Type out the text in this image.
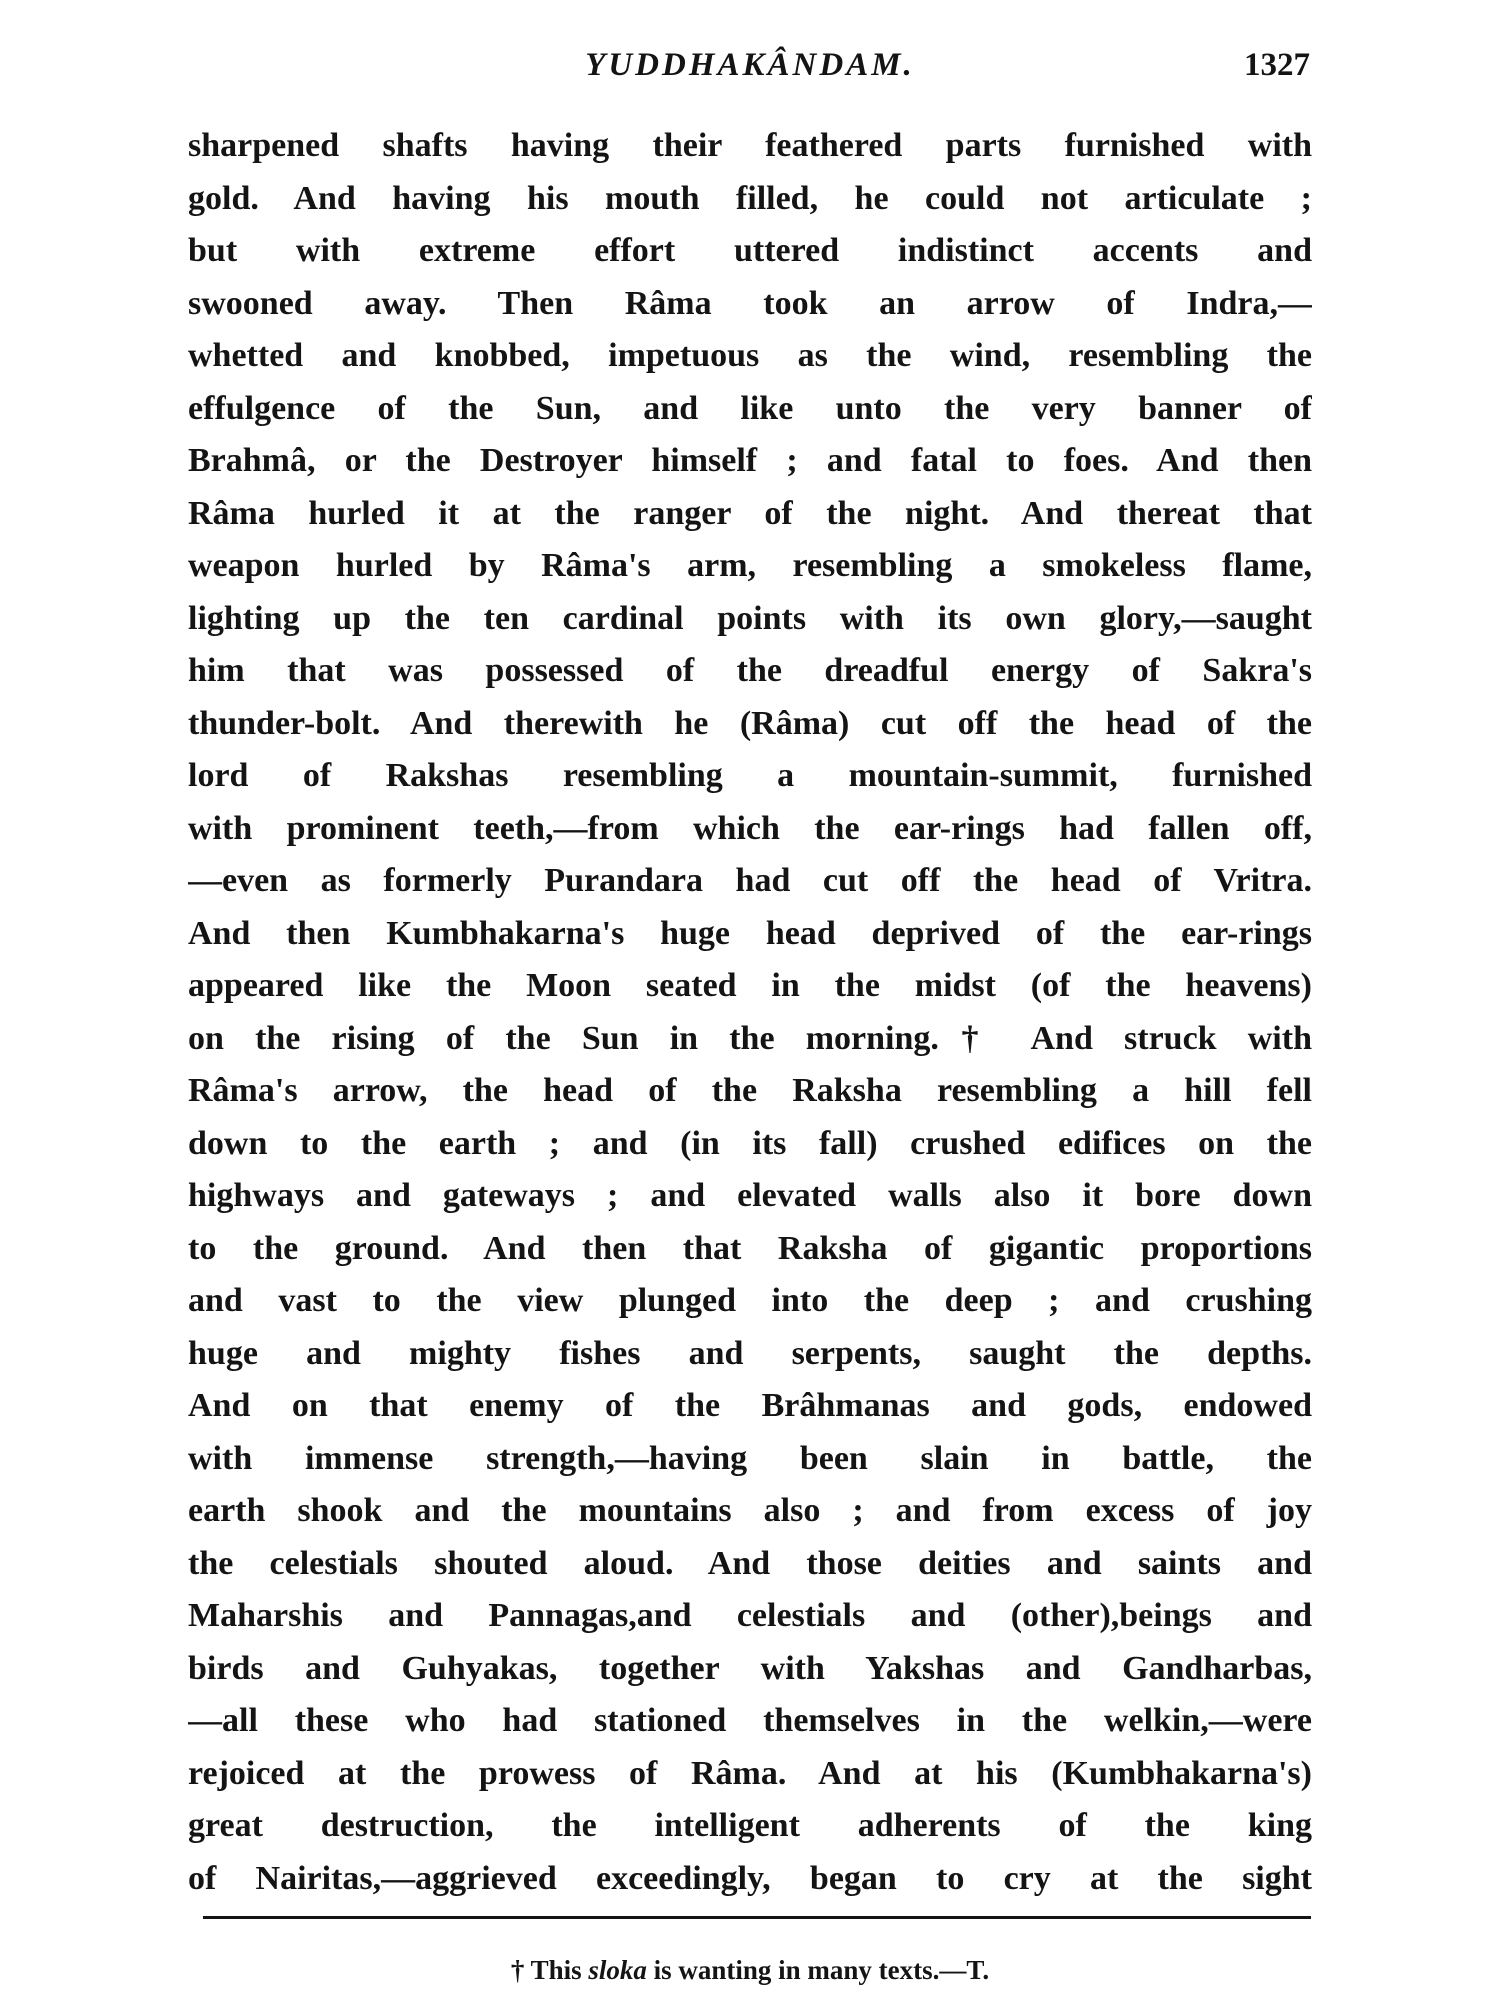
YUDDHAKÂNDAM.	1327
sharpened shafts having their feathered parts furnished with
gold. And having his mouth filled, he could not articulate ;
but with extreme effort uttered indistinct accents and
swooned away. Then Râma took an arrow of Indra,—
whetted and knobbed, impetuous as the wind, resembling the
effulgence of the Sun, and like unto the very banner of
Brahmâ, or the Destroyer himself ; and fatal to foes. And then
Râma hurled it at the ranger of the night. And thereat that
weapon hurled by Râma's arm, resembling a smokeless flame,
lighting up the ten cardinal points with its own glory,—saught
him that was possessed of the dreadful energy of Sakra's
thunder-bolt. And therewith he (Râma) cut off the head of the
lord of Rakshas resembling a mountain-summit, furnished
with prominent teeth,—from which the ear-rings had fallen off,
—even as formerly Purandara had cut off the head of Vritra.
And then Kumbhakarna's huge head deprived of the ear-rings
appeared like the Moon seated in the midst (of the heavens)
on the rising of the Sun in the morning.† And struck with
Râma's arrow, the head of the Raksha resembling a hill fell
down to the earth ; and (in its fall) crushed edifices on the
highways and gateways ; and elevated walls also it bore down
to the ground. And then that Raksha of gigantic proportions
and vast to the view plunged into the deep ; and crushing
huge and mighty fishes and serpents, saught the depths.
And on that enemy of the Brâhmanas and gods, endowed
with immense strength,—having been slain in battle, the
earth shook and the mountains also ; and from excess of joy
the celestials shouted aloud. And those deities and saints and
Maharshis and Pannagas,and celestials and (other),beings and
birds and Guhyakas, together with Yakshas and Gandharbas,
—all these who had stationed themselves in the welkin,—were
rejoiced at the prowess of Râma. And at his (Kumbhakarna's)
great destruction, the intelligent adherents of the king
of Nairitas,—aggrieved exceedingly, began to cry at the sight
† This sloka is wanting in many texts.—T.
